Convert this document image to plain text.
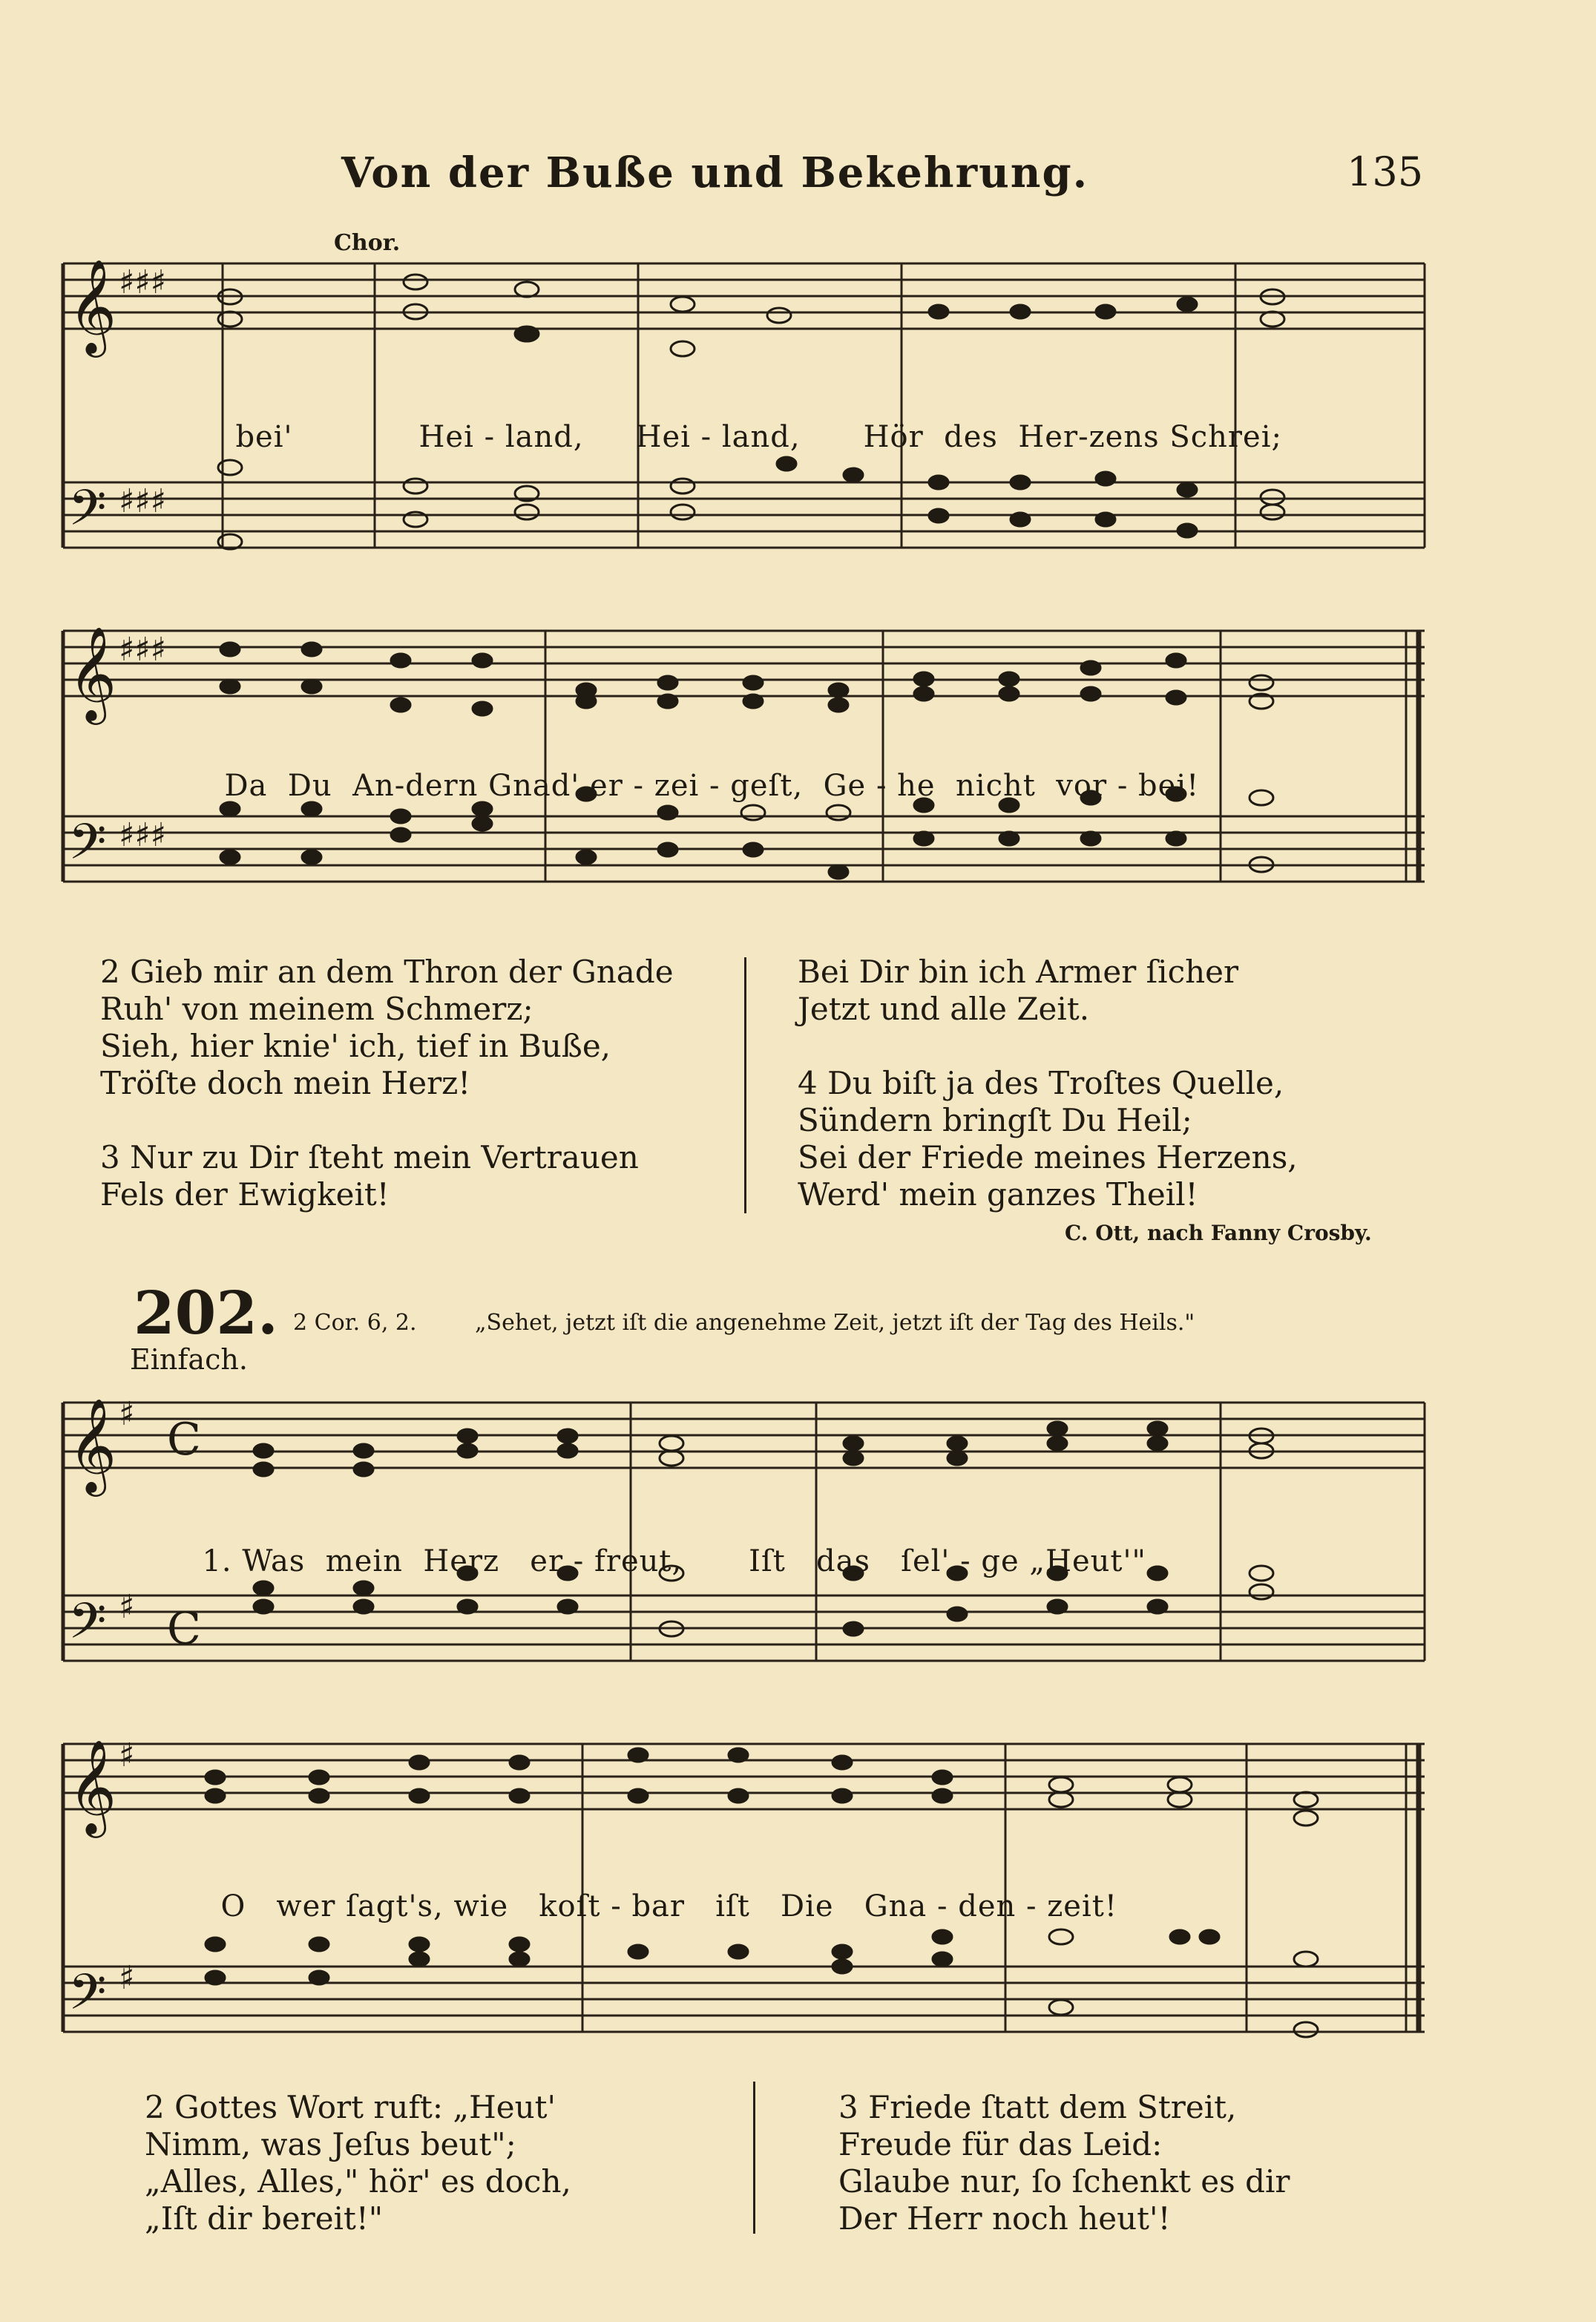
Von der Buße und Bekehrung.	135
𝄞
𝄢
𝄞
𝄢
𝄞
𝄢
𝄞
𝄢
♯♯♯
♯♯♯
♯♯♯
♯♯♯
♯
♯
♯
♯
C
C
Chor.

bei'	Hei - land, Hei - land, Hör des Her-zens Schrei;

Da Du An-dern Gnad' er - zei - geſt, Ge - he nicht vor - bei!

2 Gieb mir an dem Thron der Gnade
Ruh' von meinem Schmerz;
Sieh, hier knie' ich, tief in Buße,
Tröſte doch mein Herz!
3 Nur zu Dir ſteht mein Vertrauen
Fels der Ewigkeit!
Bei Dir bin ich Armer ſicher
Jetzt und alle Zeit.
4 Du biſt ja des Troſtes Quelle,
Sündern bringſt Du Heil;
Sei der Friede meines Herzens,
Werd' mein ganzes Theil!
C. Ott, nach Fanny Crosby.
202. 2 Cor. 6, 2.	„Sehet, jetzt iſt die angenehme Zeit, jetzt iſt der Tag des Heils."
Einfach.

1. Was mein Herz er - freut, Iſt das ſel' - ge „Heut'",

O wer ſagt's, wie koſt - bar iſt Die Gna - den - zeit!

2 Gottes Wort ruft: „Heut'
Nimm, was Jeſus beut";
„Alles, Alles," hör' es doch,
„Iſt dir bereit!"
3 Friede ſtatt dem Streit,
Freude für das Leid:
Glaube nur, ſo ſchenkt es dir
Der Herr noch heut'!
